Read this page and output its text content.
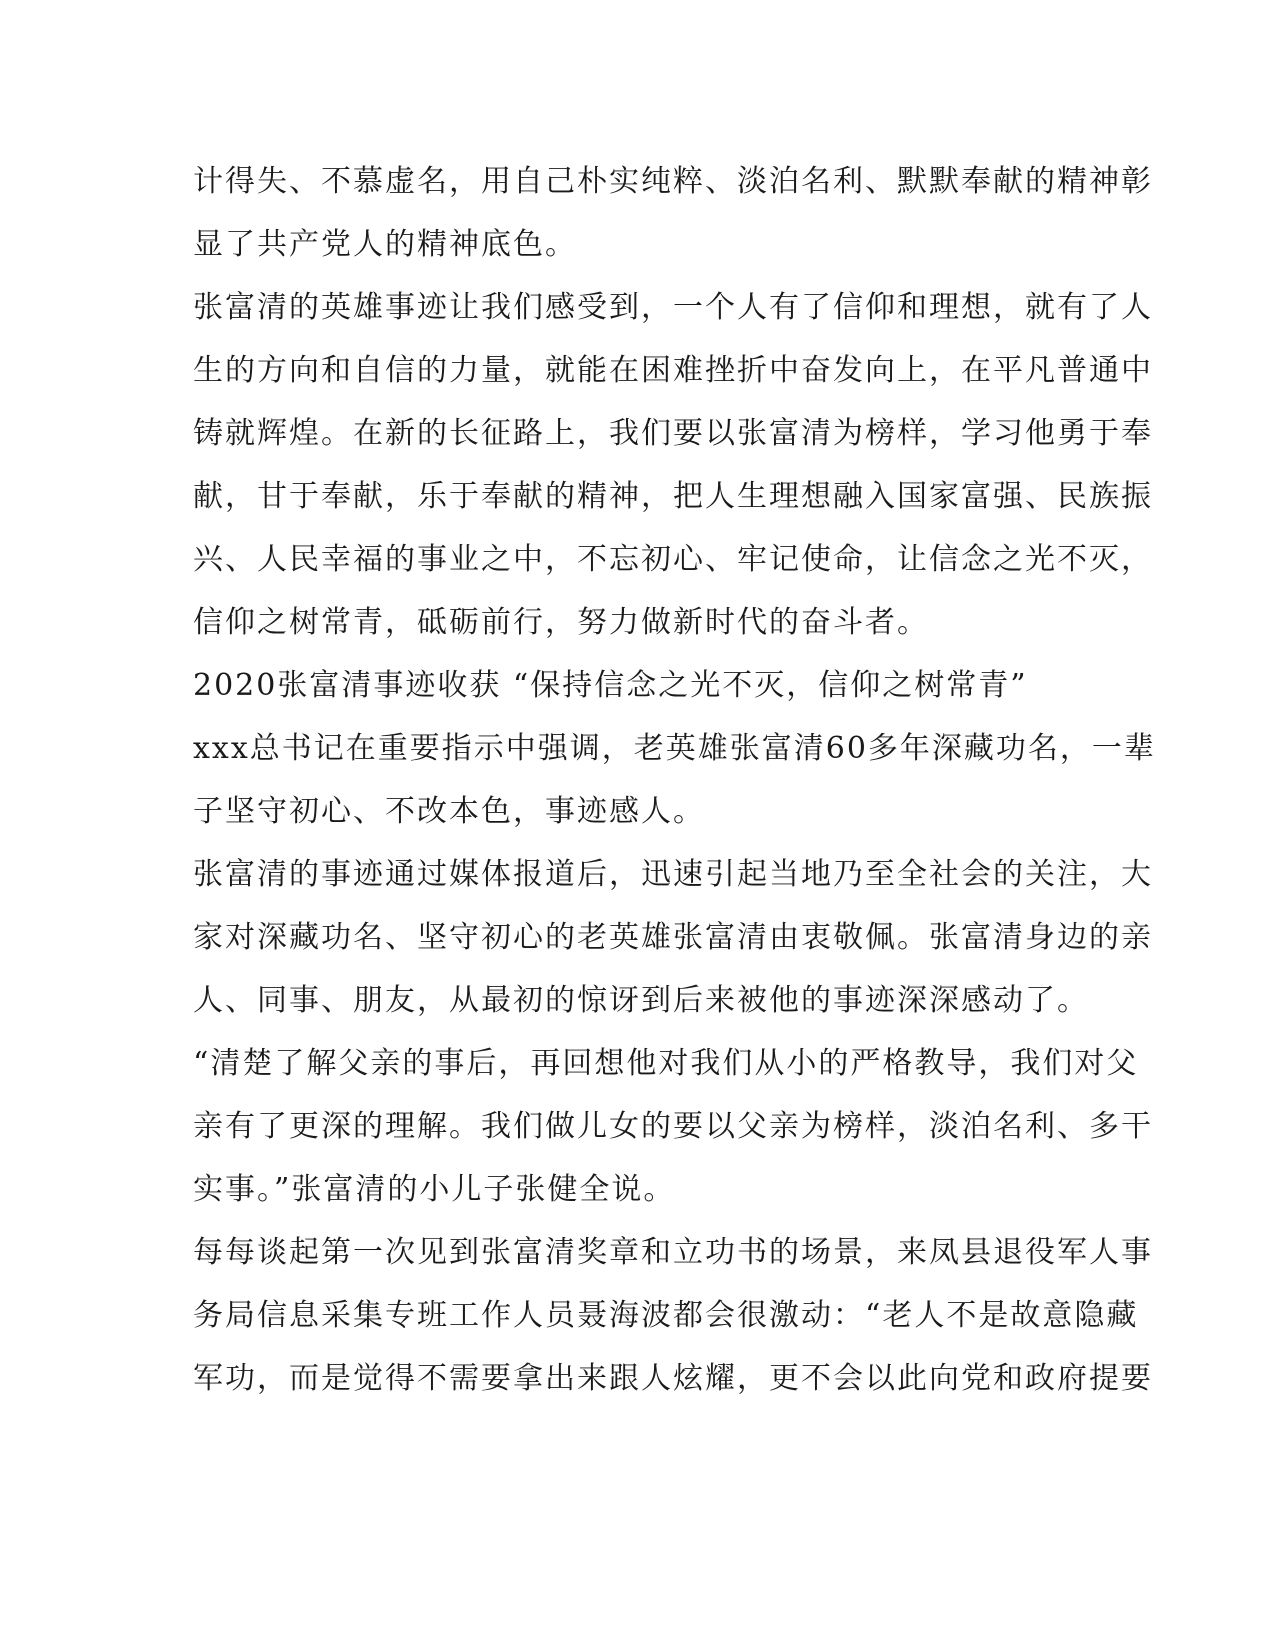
计得失、不慕虚名，用自己朴实纯粹、淡泊名利、默默奉献的精神彰
显了共产党人的精神底色。
张富清的英雄事迹让我们感受到，一个人有了信仰和理想，就有了人
生的方向和自信的力量，就能在困难挫折中奋发向上，在平凡普通中
铸就辉煌。在新的长征路上，我们要以张富清为榜样，学习他勇于奉
献，甘于奉献，乐于奉献的精神，把人生理想融入国家富强、民族振
兴、人民幸福的事业之中，不忘初心、牢记使命，让信念之光不灭，
信仰之树常青，砥砺前行，努力做新时代的奋斗者。
2020张富清事迹收获 “保持信念之光不灭，信仰之树常青”
xxx总书记在重要指示中强调，老英雄张富清60多年深藏功名，一辈
子坚守初心、不改本色，事迹感人。
张富清的事迹通过媒体报道后，迅速引起当地乃至全社会的关注，大
家对深藏功名、坚守初心的老英雄张富清由衷敬佩。张富清身边的亲
人、同事、朋友，从最初的惊讶到后来被他的事迹深深感动了。
“清楚了解父亲的事后，再回想他对我们从小的严格教导，我们对父
亲有了更深的理解。我们做儿女的要以父亲为榜样，淡泊名利、多干
实事。”张富清的小儿子张健全说。
每每谈起第一次见到张富清奖章和立功书的场景，来凤县退役军人事
务局信息采集专班工作人员聂海波都会很激动：“老人不是故意隐藏
军功，而是觉得不需要拿出来跟人炫耀，更不会以此向党和政府提要
